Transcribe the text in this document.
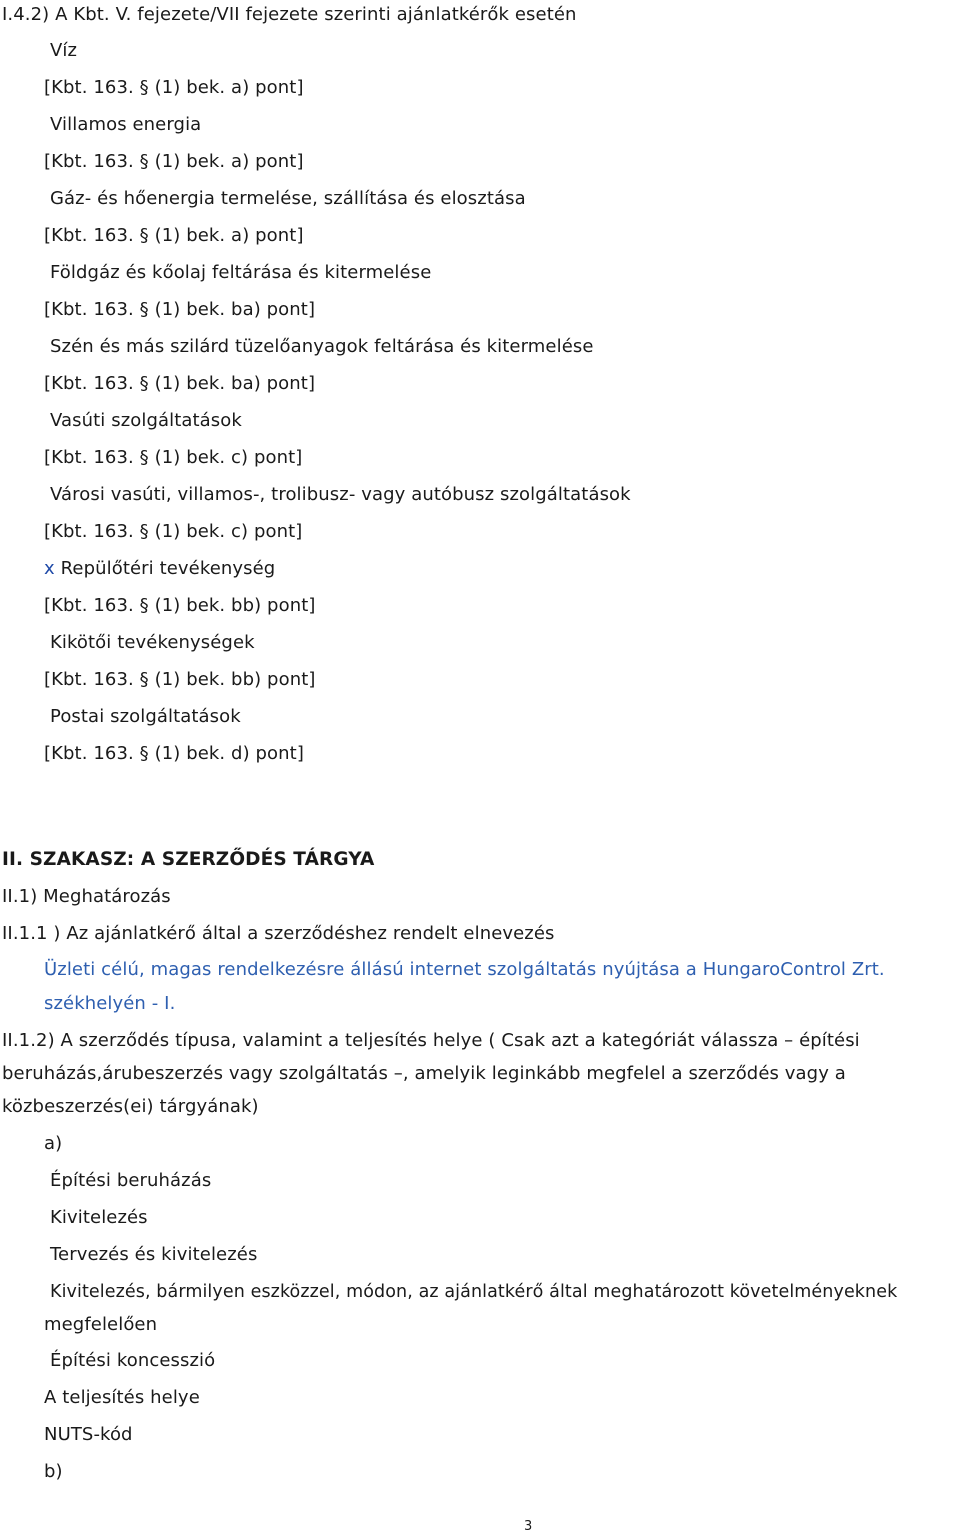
I.4.2) A Kbt. V. fejezete/VII fejezete szerinti ajánlatkérők esetén
Víz
[Kbt. 163. § (1) bek. a) pont]
Villamos energia
[Kbt. 163. § (1) bek. a) pont]
Gáz- és hőenergia termelése, szállítása és elosztása
[Kbt. 163. § (1) bek. a) pont]
Földgáz és kőolaj feltárása és kitermelése
[Kbt. 163. § (1) bek. ba) pont]
Szén és más szilárd tüzelőanyagok feltárása és kitermelése
[Kbt. 163. § (1) bek. ba) pont]
Vasúti szolgáltatások
[Kbt. 163. § (1) bek. c) pont]
Városi vasúti, villamos-, trolibusz- vagy autóbusz szolgáltatások
[Kbt. 163. § (1) bek. c) pont]
x Repülőtéri tevékenység
[Kbt. 163. § (1) bek. bb) pont]
Kikötői tevékenységek
[Kbt. 163. § (1) bek. bb) pont]
Postai szolgáltatások
[Kbt. 163. § (1) bek. d) pont]
II. SZAKASZ: A SZERZŐDÉS TÁRGYA
II.1) Meghatározás
II.1.1 ) Az ajánlatkérő által a szerződéshez rendelt elnevezés
Üzleti célú, magas rendelkezésre állású internet szolgáltatás nyújtása a HungaroControl Zrt.
székhelyén - I.
II.1.2) A szerződés típusa, valamint a teljesítés helye ( Csak azt a kategóriát válassza – építési
beruházás,árubeszerzés vagy szolgáltatás –, amelyik leginkább megfelel a szerződés vagy a
közbeszerzés(ei) tárgyának)
a)
Építési beruházás
Kivitelezés
Tervezés és kivitelezés
Kivitelezés, bármilyen eszközzel, módon, az ajánlatkérő által meghatározott követelményeknek
megfelelően
Építési koncesszió
A teljesítés helye
NUTS-kód
b)
3
